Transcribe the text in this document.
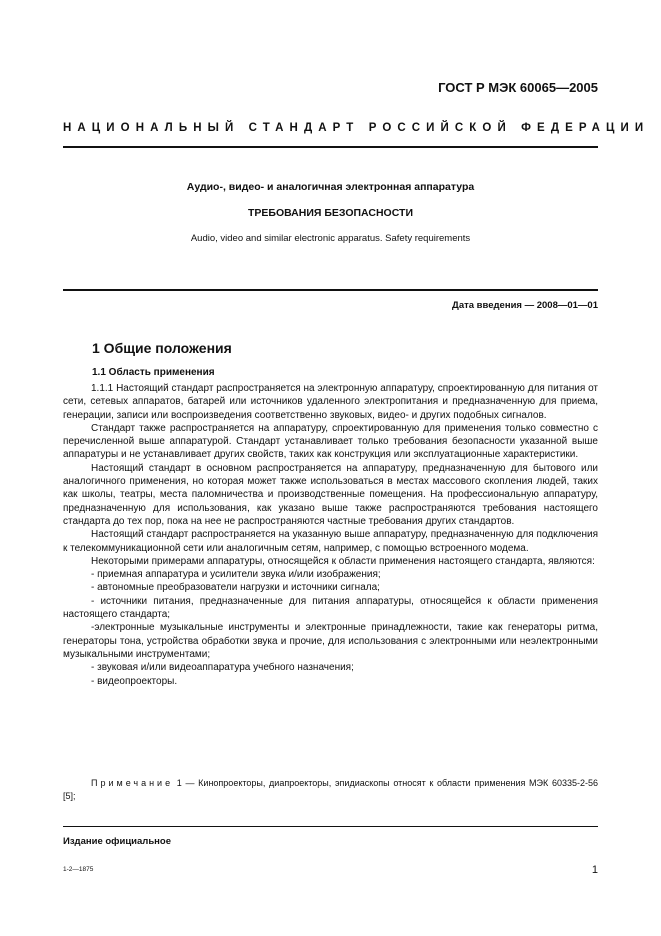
ГОСТ Р МЭК 60065—2005
НАЦИОНАЛЬНЫЙ СТАНДАРТ РОССИЙСКОЙ ФЕДЕРАЦИИ
Аудио-, видео- и аналогичная электронная аппаратура
ТРЕБОВАНИЯ БЕЗОПАСНОСТИ
Audio, video and similar electronic apparatus. Safety requirements
Дата введения — 2008—01—01
1 Общие положения
1.1 Область применения

1.1.1 Настоящий стандарт распространяется на электронную аппаратуру, спроектированную для питания от сети, сетевых аппаратов, батарей или источников удаленного электропитания и предназначенную для приема, генерации, записи или воспроизведения соответственно звуковых, видео- и других подобных сигналов.

Стандарт также распространяется на аппаратуру, спроектированную для применения только совместно с перечисленной выше аппаратурой. Стандарт устанавливает только требования безопасности указанной выше аппаратуры и не устанавливает других свойств, таких как конструкция или эксплуатационные характеристики.

Настоящий стандарт в основном распространяется на аппаратуру, предназначенную для бытового или аналогичного применения, но которая может также использоваться в местах массового скопления людей, таких как школы, театры, места паломничества и производственные помещения. На профессиональную аппаратуру, предназначенную для использования, как указано выше также распространяются требования настоящего стандарта до тех пор, пока на нее не распространяются частные требования других стандартов.

Настоящий стандарт распространяется на указанную выше аппаратуру, предназначенную для подключения к телекоммуникационной сети или аналогичным сетям, например, с помощью встроенного модема.

Некоторыми примерами аппаратуры, относящейся к области применения настоящего стандарта, являются:

- приемная аппаратура и усилители звука и/или изображения;

- автономные преобразователи нагрузки и источники сигнала;

- источники питания, предназначенные для питания аппаратуры, относящейся к области применения настоящего стандарта;

-электронные музыкальные инструменты и электронные принадлежности, такие как генераторы ритма, генераторы тона, устройства обработки звука и прочие, для использования с электронными или неэлектронными музыкальными инструментами;

- звуковая и/или видеоаппаратура учебного назначения;

- видеопроекторы.

Примечание 1 — Кинопроекторы, диапроекторы, эпидиаскопы относят к области применения МЭК 60335-2-56 [5];

Издание официальное
1-2—1875	1
